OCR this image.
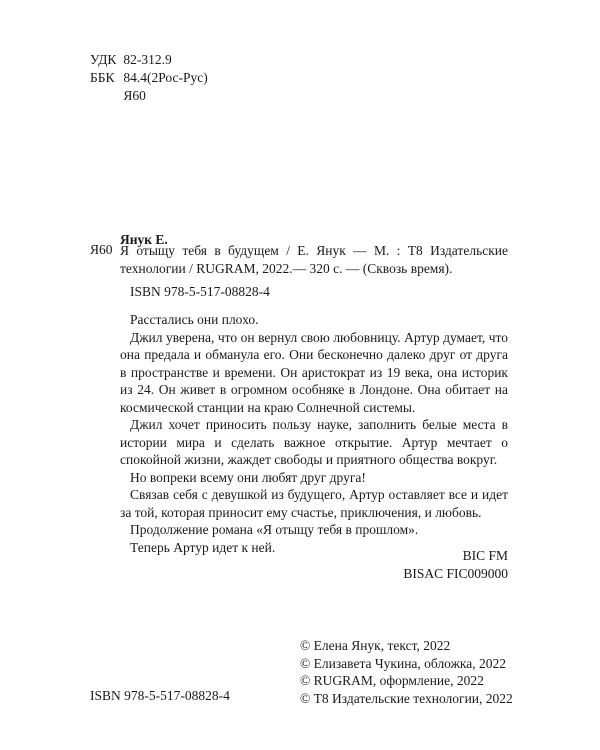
УДК 82-312.9
ББК 84.4(2Рос-Рус)
Я60
Янук Е.
Я60 Я отыщу тебя в будущем / Е. Янук — М. : Т8 Издательские технологии / RUGRAM, 2022.— 320 с. — (Сквозь время).
ISBN 978-5-517-08828-4

Расстались они плохо.

Джил уверена, что он вернул свою любовницу. Артур думает, что она предала и обманула его. Они бесконечно далеко друг от друга в пространстве и времени. Он аристократ из 19 века, она историк из 24. Он живет в огромном особняке в Лондоне. Она обитает на космической станции на краю Солнечной системы.

Джил хочет приносить пользу науке, заполнить белые места в истории мира и сделать важное открытие. Артур мечтает о спокойной жизни, жаждет свободы и приятного общества вокруг.

Но вопреки всему они любят друг друга!

Связав себя с девушкой из будущего, Артур оставляет все и идет за той, которая приносит ему счастье, приключения, и любовь.

Продолжение романа «Я отыщу тебя в прошлом».

Теперь Артур идет к ней.

BIC FM
BISAC FIC009000
ISBN 978-5-517-08828-4
© Елена Янук, текст, 2022
© Елизавета Чукина, обложка, 2022
© RUGRAM, оформление, 2022
© Т8 Издательские технологии, 2022
